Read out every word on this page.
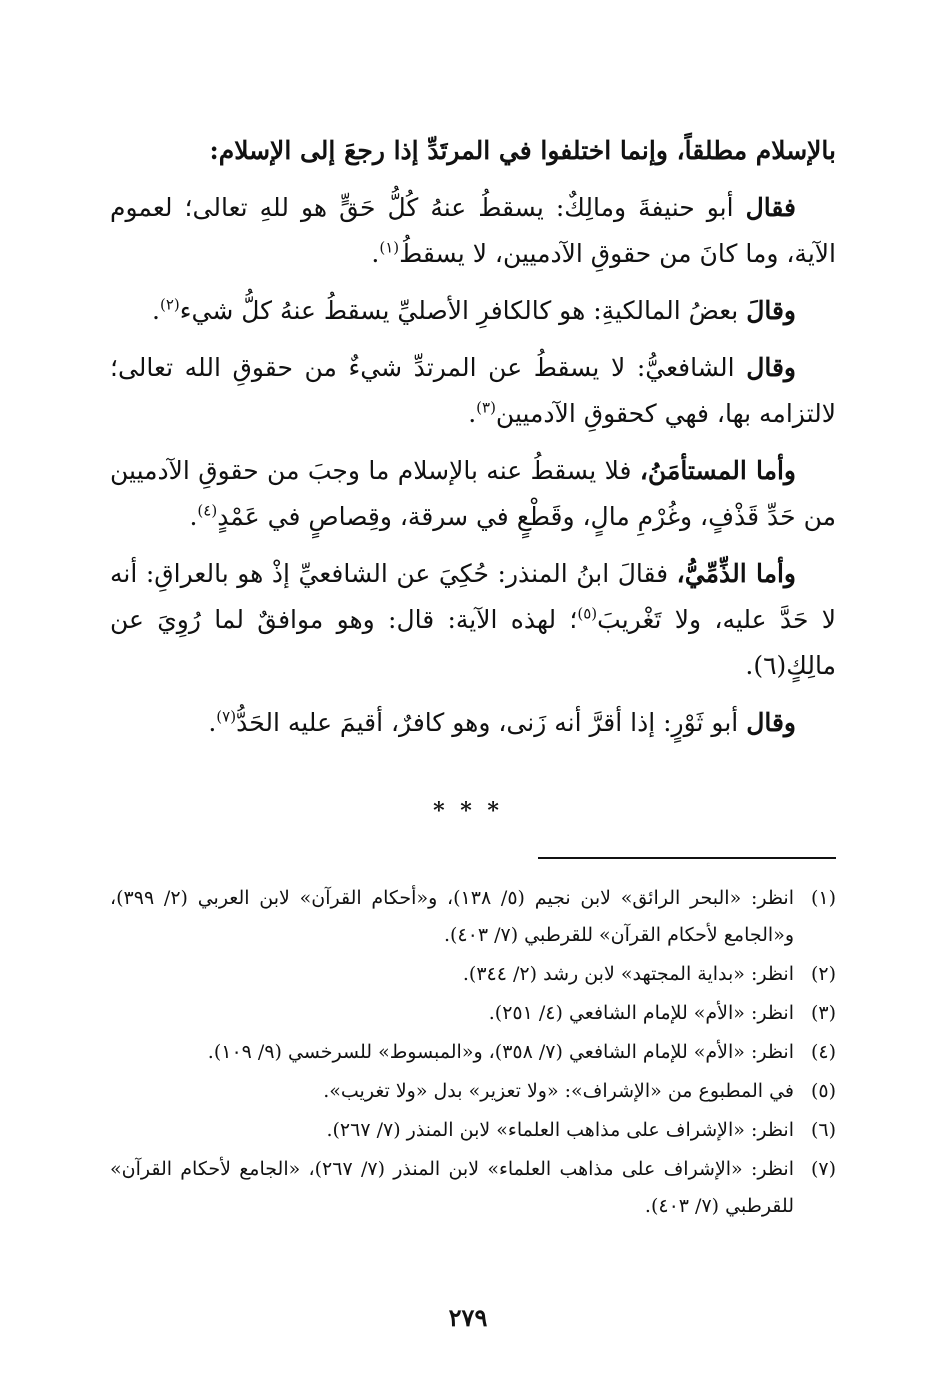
بالإسلام مطلقاً، وإنما اختلفوا في المرتَدِّ إذا رجعَ إلى الإسلام:

فقال أبو حنيفةَ ومالِكٌ: يسقطُ عنهُ كُلُّ حَقٍّ هو للهِ تعالى؛ لعموم الآية، وما كانَ من حقوقِ الآدميين، لا يسقطُ$^{(١)}$.

وقالَ بعضُ المالكيةِ: هو كالكافرِ الأصليِّ يسقطُ عنهُ كلُّ شيء$^{(٢)}$.

وقال الشافعيُّ: لا يسقطُ عن المرتدِّ شيءٌ من حقوقِ الله تعالى؛ لالتزامه بها، فهي كحقوقِ الآدميين$^{(٣)}$.

وأما المستأمَنُ، فلا يسقطُ عنه بالإسلام ما وجبَ من حقوقِ الآدميين من حَدِّ قَذْفٍ، وغُرْمِ مالٍ، وقَطْعٍ في سرقة، وقِصاصٍ في عَمْدٍ$^{(٤)}$.

وأما الذِّمِّيُّ، فقالَ ابنُ المنذر: حُكِيَ عن الشافعيِّ إذْ هو بالعراقِ: أنه لا حَدَّ عليه، ولا تَغْريبَ$^{(٥)}$؛ لهذه الآية: قال: وهو موافقٌ لما رُوِيَ عن مالِكٍ(٦).

وقال أبو ثَوْرٍ: إذا أقرَّ أنه زَنى، وهو كافرٌ، أقيمَ عليه الحَدُّ$^{(٧)}$.

* * *
(١)
انظر: «البحر الرائق» لابن نجيم (٥/ ١٣٨)، و«أحكام القرآن» لابن العربي (٢/ ٣٩٩)، و«الجامع لأحكام القرآن» للقرطبي (٧/ ٤٠٣).
(٢)
انظر: «بداية المجتهد» لابن رشد (٢/ ٣٤٤).
(٣)
انظر: «الأم» للإمام الشافعي (٤/ ٢٥١).
(٤)
انظر: «الأم» للإمام الشافعي (٧/ ٣٥٨)، و«المبسوط» للسرخسي (٩/ ١٠٩).
(٥)
في المطبوع من «الإشراف»: «ولا تعزير» بدل «ولا تغريب».
(٦)
انظر: «الإشراف على مذاهب العلماء» لابن المنذر (٧/ ٢٦٧).
(٧)
انظر: «الإشراف على مذاهب العلماء» لابن المنذر (٧/ ٢٦٧)، «الجامع لأحكام القرآن» للقرطبي (٧/ ٤٠٣).
٢٧٩
